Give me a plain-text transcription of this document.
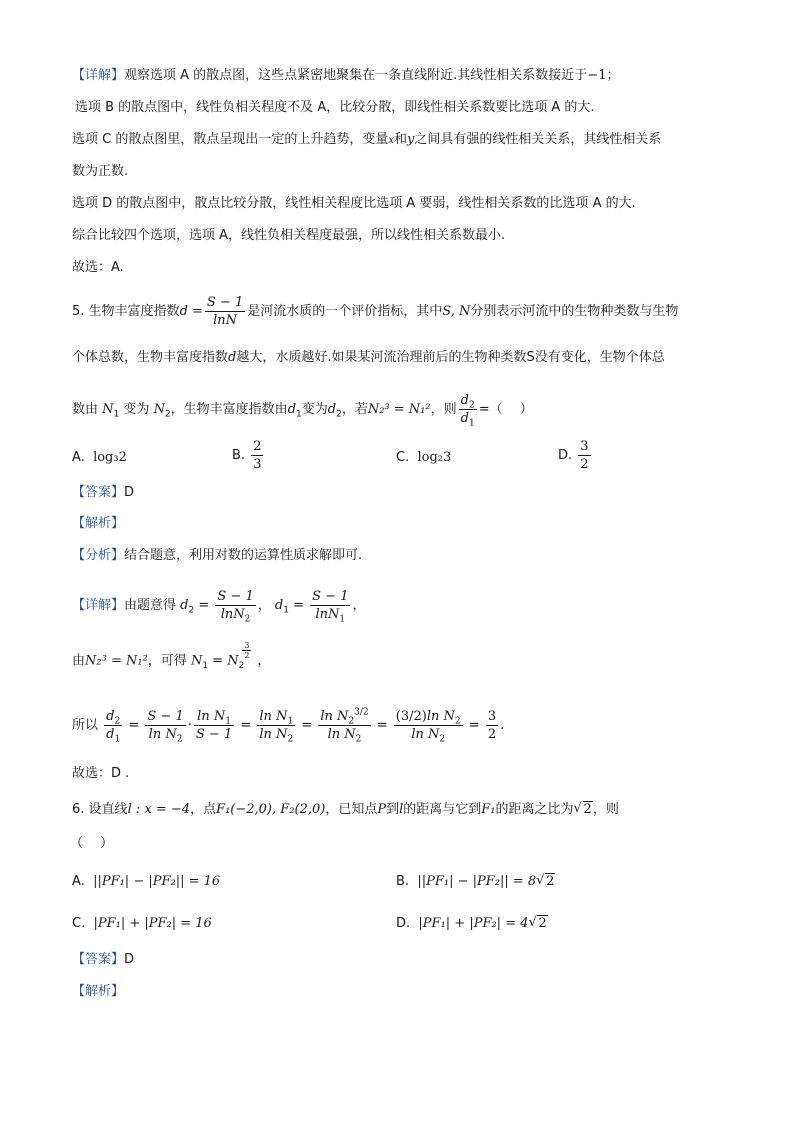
【详解】观察选项 A 的散点图，这些点紧密地聚集在一条直线附近.其线性相关系数接近于−1；
选项 B 的散点图中，线性负相关程度不及 A，比较分散，即线性相关系数要比选项 A 的大.
选项 C 的散点图里，散点呈现出一定的上升趋势，变量x和y之间具有强的线性相关关系，其线性相关系
数为正数.
选项 D 的散点图中，散点比较分散，线性相关程度比选项 A 要弱，线性相关系数的比选项 A 的大.
综合比较四个选项，选项 A，线性负相关程度最强，所以线性相关系数最小.
故选：A.
5. 生物丰富度指数$d = \frac{S - 1}{\ln N}$ 是河流水质的一个评价指标，其中S, N分别表示河流中的生物种类数与生物
个体总数，生物丰富度指数d越大，水质越好.如果某河流治理前后的生物种类数S没有变化，生物个体总
数由 $N_1$ 变为 $N_2$，生物丰富度指数由$d_1$变为$d_2$，若N₂³ = N₁²，则 $\frac{d_2}{d_1}$ =（　 ）
A. log₃2	B. $\frac{2}{3}$	C. log₂3	D. $\frac{3}{2}$
【答案】D
【解析】
【分析】结合题意，利用对数的运算性质求解即可.
【详解】由题意得 $d_2 = \frac{S - 1}{\ln N_2}$ ， $d_1 = \frac{S - 1}{\ln N_1}$ ，
由N₂³ = N₁²，可得 $N_1 = N_2$
$^{\frac{3}{2}}$
，
所以 $\frac{d_2}{d_1} = \frac{S - 1}{\ln N_2} \cdot \frac{\ln N_1}{S - 1} = \frac{\ln N_1}{\ln N_2} = \frac{\ln N_2^{3/2}}{\ln N_2} = \frac{(3/2)\ln N_2}{\ln N_2} = \frac{3}{2}$ .
故选：D .
6. 设直线l : x = −4，点F₁(−2,0), F₂(2,0)，已知点P到l的距离与它到F₁的距离之比为 √ 2，则
（　 ）
A. ||PF₁| − |PF₂|| = 16	B. ||PF₁| − |PF₂|| = 8 √ 2
C. |PF₁| + |PF₂| = 16	D. |PF₁| + |PF₂| = 4 √ 2
【答案】D
【解析】
